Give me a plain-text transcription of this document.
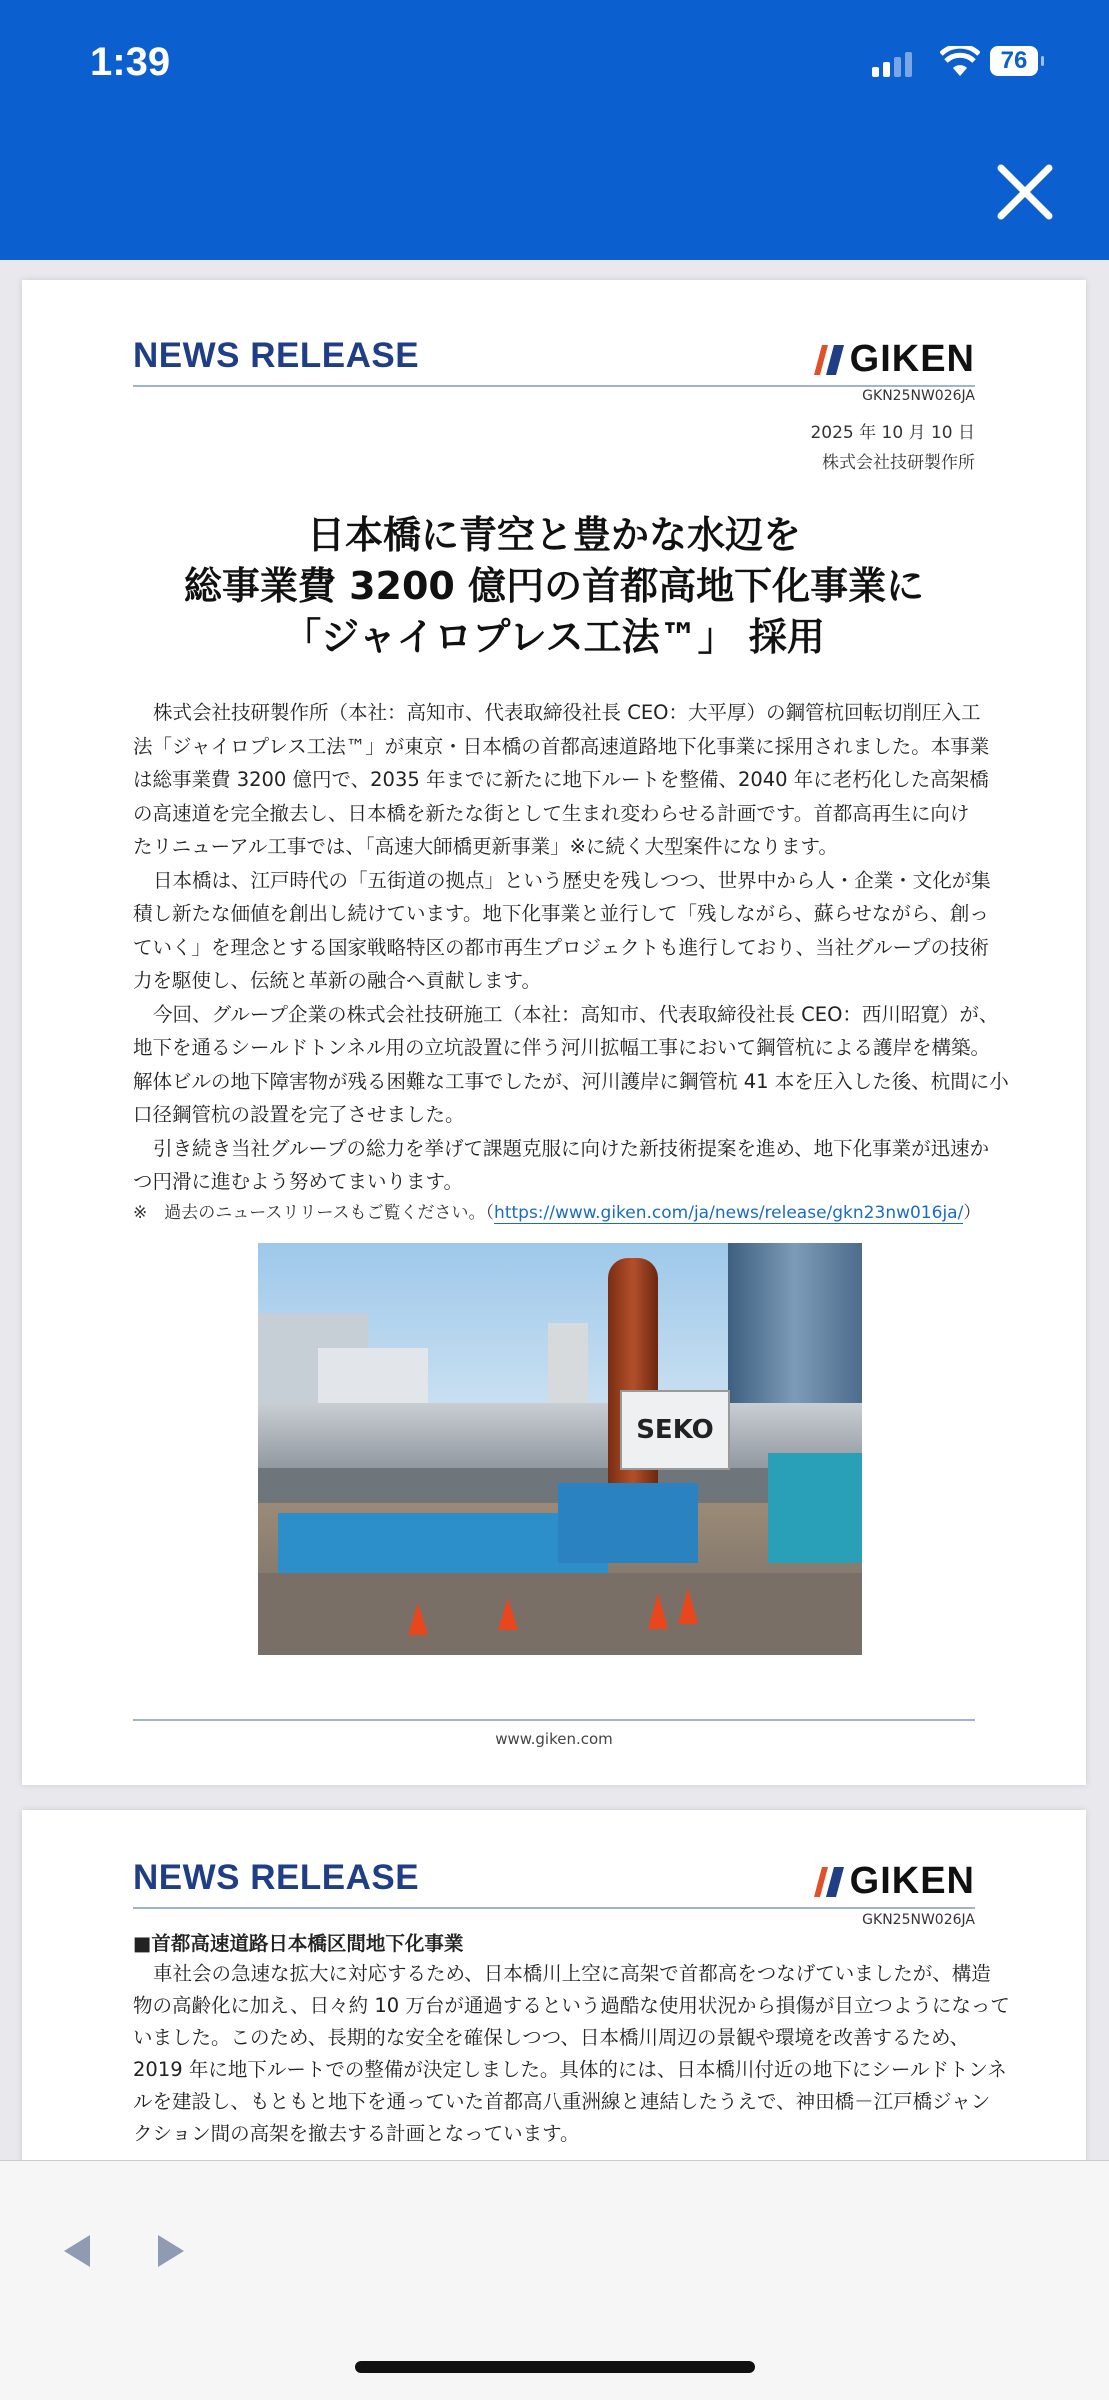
1:39	76
NEWS RELEASE	GIKEN
GKN25NW026JA
2025 年 10 月 10 日
株式会社技研製作所
日本橋に青空と豊かな水辺を
総事業費 3200 億円の首都高地下化事業に
「ジャイロプレス工法™」 採用
株式会社技研製作所（本社：高知市、代表取締役社長 CEO：大平厚）の鋼管杭回転切削圧入工
法「ジャイロプレス工法™」が東京・日本橋の首都高速道路地下化事業に採用されました。本事業
は総事業費 3200 億円で、2035 年までに新たに地下ルートを整備、2040 年に老朽化した高架橋
の高速道を完全撤去し、日本橋を新たな街として生まれ変わらせる計画です。首都高再生に向け
たリニューアル工事では、「高速大師橋更新事業」※に続く大型案件になります。
日本橋は、江戸時代の「五街道の拠点」という歴史を残しつつ、世界中から人・企業・文化が集
積し新たな価値を創出し続けています。地下化事業と並行して「残しながら、蘇らせながら、創っ
ていく」を理念とする国家戦略特区の都市再生プロジェクトも進行しており、当社グループの技術
力を駆使し、伝統と革新の融合へ貢献します。
今回、グループ企業の株式会社技研施工（本社：高知市、代表取締役社長 CEO：西川昭寛）が、
地下を通るシールドトンネル用の立坑設置に伴う河川拡幅工事において鋼管杭による護岸を構築。
解体ビルの地下障害物が残る困難な工事でしたが、河川護岸に鋼管杭 41 本を圧入した後、杭間に小
口径鋼管杭の設置を完了させました。
引き続き当社グループの総力を挙げて課題克服に向けた新技術提案を進め、地下化事業が迅速か
つ円滑に進むよう努めてまいります。
※　過去のニュースリリースもご覧ください。（https://www.giken.com/ja/news/release/gkn23nw016ja/）
SEKO
www.giken.com
NEWS RELEASE	GIKEN
GKN25NW026JA
■首都高速道路日本橋区間地下化事業
車社会の急速な拡大に対応するため、日本橋川上空に高架で首都高をつなげていましたが、構造
物の高齢化に加え、日々約 10 万台が通過するという過酷な使用状況から損傷が目立つようになって
いました。このため、長期的な安全を確保しつつ、日本橋川周辺の景観や環境を改善するため、
2019 年に地下ルートでの整備が決定しました。具体的には、日本橋川付近の地下にシールドトンネ
ルを建設し、もともと地下を通っていた首都高八重洲線と連結したうえで、神田橋－江戸橋ジャン
クション間の高架を撤去する計画となっています。
